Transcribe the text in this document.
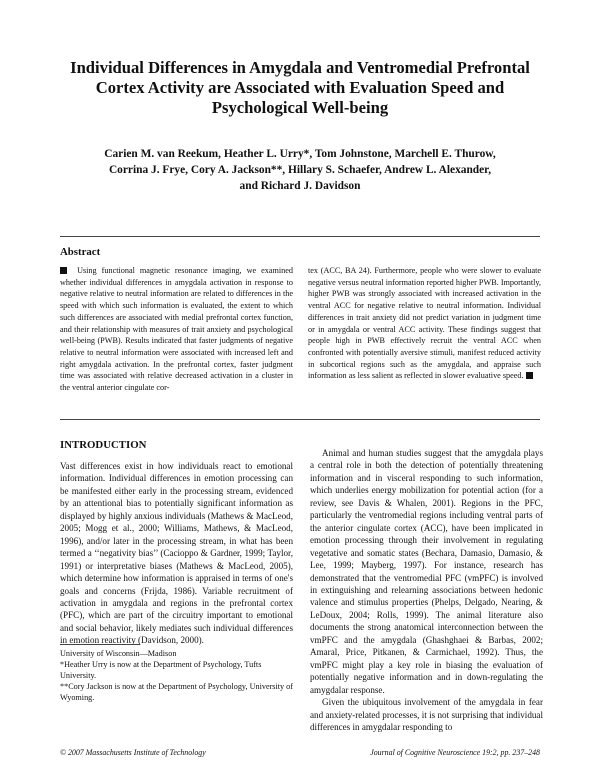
Individual Differences in Amygdala and Ventromedial Prefrontal Cortex Activity are Associated with Evaluation Speed and Psychological Well-being

Carien M. van Reekum, Heather L. Urry*, Tom Johnstone, Marchell E. Thurow, Corrina J. Frye, Cory A. Jackson**, Hillary S. Schaefer, Andrew L. Alexander, and Richard J. Davidson

Abstract

Using functional magnetic resonance imaging, we examined whether individual differences in amygdala activation in response to negative relative to neutral information are related to differences in the speed with which such information is evaluated, the extent to which such differences are associated with medial prefrontal cortex function, and their relationship with measures of trait anxiety and psychological well-being (PWB). Results indicated that faster judgments of negative relative to neutral information were associated with increased left and right amygdala activation. In the prefrontal cortex, faster judgment time was associated with relative decreased activation in a cluster in the ventral anterior cingulate cor-

tex (ACC, BA 24). Furthermore, people who were slower to evaluate negative versus neutral information reported higher PWB. Importantly, higher PWB was strongly associated with increased activation in the ventral ACC for negative relative to neutral information. Individual differences in trait anxiety did not predict variation in judgment time or in amygdala or ventral ACC activity. These findings suggest that people high in PWB effectively recruit the ventral ACC when confronted with potentially aversive stimuli, manifest reduced activity in subcortical regions such as the amygdala, and appraise such information as less salient as reflected in slower evaluative speed.

INTRODUCTION

Vast differences exist in how individuals react to emotional information. Individual differences in emotion processing can be manifested either early in the processing stream, evidenced by an attentional bias to potentially significant information as displayed by highly anxious individuals (Mathews & MacLeod, 2005; Mogg et al., 2000; Williams, Mathews, & MacLeod, 1996), and/or later in the processing stream, in what has been termed a ‘‘negativity bias’’ (Cacioppo & Gardner, 1999; Taylor, 1991) or interpretative biases (Mathews & MacLeod, 2005), which determine how information is appraised in terms of one's goals and concerns (Frijda, 1986). Variable recruitment of activation in amygdala and regions in the prefrontal cortex (PFC), which are part of the circuitry important to emotional and social behavior, likely mediates such individual differences in emotion reactivity (Davidson, 2000).

Animal and human studies suggest that the amygdala plays a central role in both the detection of potentially threatening information and in visceral responding to such information, which underlies energy mobilization for potential action (for a review, see Davis & Whalen, 2001). Regions in the PFC, particularly the ventromedial regions including ventral parts of the anterior cingulate cortex (ACC), have been implicated in emotion processing through their involvement in regulating vegetative and somatic states (Bechara, Damasio, Damasio, & Lee, 1999; Mayberg, 1997). For instance, research has demonstrated that the ventromedial PFC (vmPFC) is involved in extinguishing and relearning associations between hedonic valence and stimulus properties (Phelps, Delgado, Nearing, & LeDoux, 2004; Rolls, 1999). The animal literature also documents the strong anatomical interconnection between the vmPFC and the amygdala (Ghashghaei & Barbas, 2002; Amaral, Price, Pitkanen, & Carmichael, 1992). Thus, the vmPFC might play a key role in biasing the evaluation of potentially negative information and in down-regulating the amygdalar response.

Given the ubiquitous involvement of the amygdala in fear and anxiety-related processes, it is not surprising that individual differences in amygdalar responding to

University of Wisconsin—Madison

*Heather Urry is now at the Department of Psychology, Tufts University.

**Cory Jackson is now at the Department of Psychology, University of Wyoming.

© 2007 Massachusetts Institute of Technology	Journal of Cognitive Neuroscience 19:2, pp. 237–248
